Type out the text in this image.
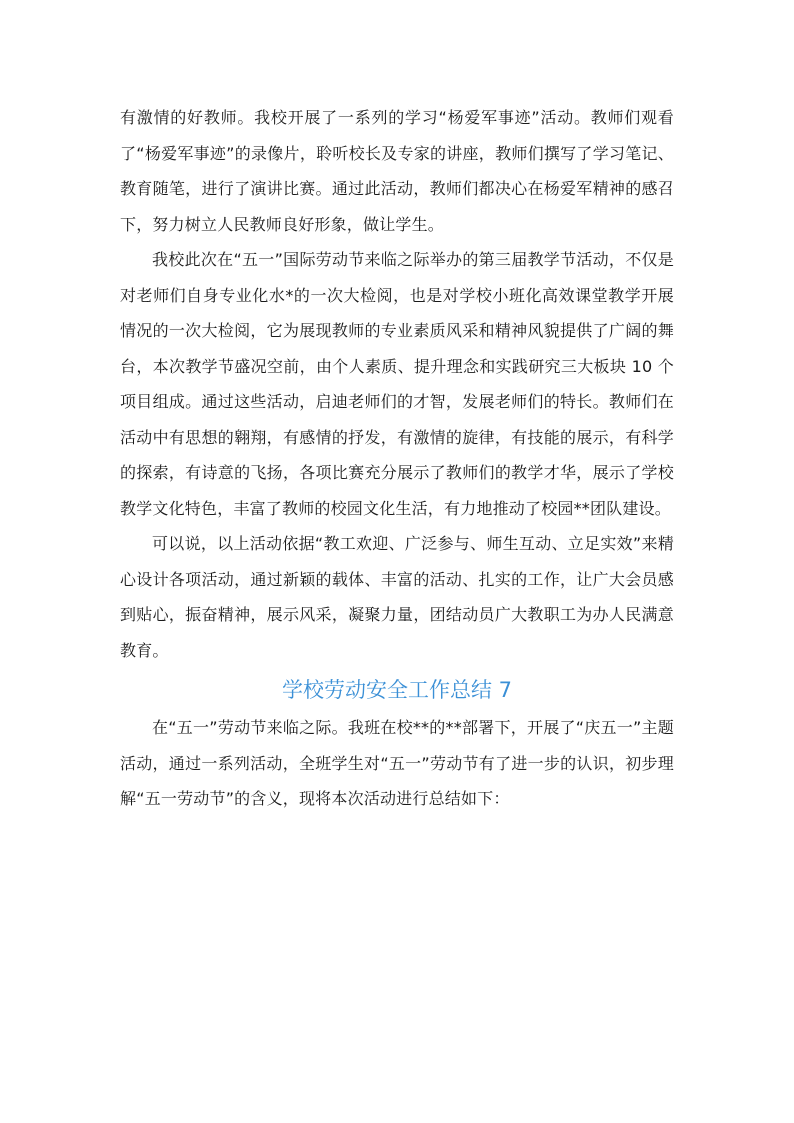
有激情的好教师。我校开展了一系列的学习“杨爱军事迹”活动。教师们观看了“杨爱军事迹”的录像片，聆听校长及专家的讲座，教师们撰写了学习笔记、教育随笔，进行了演讲比赛。通过此活动，教师们都决心在杨爱军精神的感召下，努力树立人民教师良好形象，做让学生。

我校此次在“五一”国际劳动节来临之际举办的第三届教学节活动，不仅是对老师们自身专业化水*的一次大检阅，也是对学校小班化高效课堂教学开展情况的一次大检阅，它为展现教师的专业素质风采和精神风貌提供了广阔的舞台，本次教学节盛况空前，由个人素质、提升理念和实践研究三大板块 10 个项目组成。通过这些活动，启迪老师们的才智，发展老师们的特长。教师们在活动中有思想的翱翔，有感情的抒发，有激情的旋律，有技能的展示，有科学的探索，有诗意的飞扬，各项比赛充分展示了教师们的教学才华，展示了学校教学文化特色，丰富了教师的校园文化生活，有力地推动了校园**团队建设。

可以说，以上活动依据“教工欢迎、广泛参与、师生互动、立足实效”来精心设计各项活动，通过新颖的载体、丰富的活动、扎实的工作，让广大会员感到贴心，振奋精神，展示风采，凝聚力量，团结动员广大教职工为办人民满意教育。

学校劳动安全工作总结 7

在“五一”劳动节来临之际。我班在校**的**部署下，开展了“庆五一”主题活动，通过一系列活动，全班学生对“五一”劳动节有了进一步的认识，初步理解“五一劳动节”的含义，现将本次活动进行总结如下：
